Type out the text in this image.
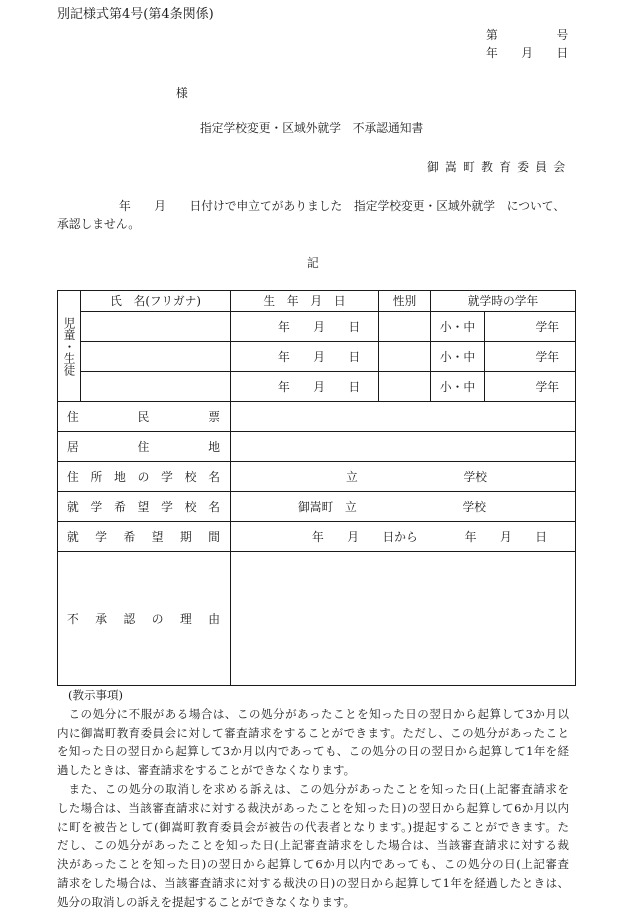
別記様式第4号(第4条関係)
第　　　　　号
年　　月　　日
様
指定学校変更・区域外就学　不承認通知書
御嵩町教育委員会
年　　月　　日付けで申立てがありました　指定学校変更・区域外就学　について、
承認しません。
記
児童・生徒	氏　名(フリガナ)	生　年　月　日	性別	就学時の学年	
		年　　月　　日		小・中	学年
		年　　月　　日		小・中	学年
		年　　月　　日		小・中	学年

住民票					

居住地					

住所地の学校名		立　　　　　　　　　学校			

就学希望学校名		御嵩町　立　　　　　　　　　学校			

就学希望期間		年　　月　　日から　　　　年　　月　　日			

不承認の理由					

(教示事項)
この処分に不服がある場合は、この処分があったことを知った日の翌日から起算して3か月以
内に御嵩町教育委員会に対して審査請求をすることができます。ただし、この処分があったこと
を知った日の翌日から起算して3か月以内であっても、この処分の日の翌日から起算して1年を経
過したときは、審査請求をすることができなくなります。
また、この処分の取消しを求める訴えは、この処分があったことを知った日(上記審査請求を
した場合は、当該審査請求に対する裁決があったことを知った日)の翌日から起算して6か月以内
に町を被告として(御嵩町教育委員会が被告の代表者となります。)提起することができます。た
だし、この処分があったことを知った日(上記審査請求をした場合は、当該審査請求に対する裁
決があったことを知った日)の翌日から起算して6か月以内であっても、この処分の日(上記審査
請求をした場合は、当該審査請求に対する裁決の日)の翌日から起算して1年を経過したときは、
処分の取消しの訴えを提起することができなくなります。
